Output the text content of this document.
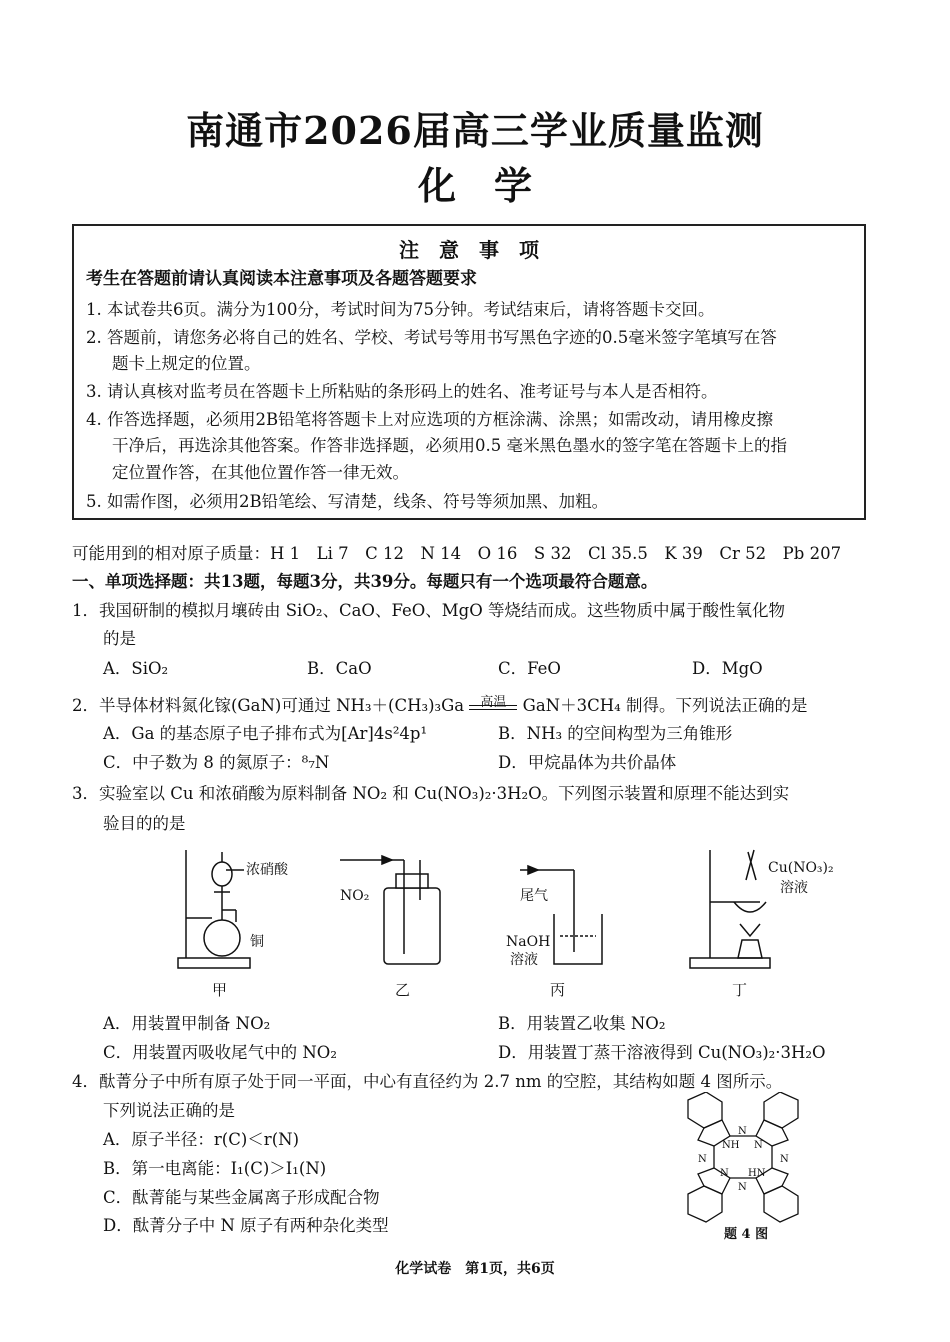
南通市2026届高三学业质量监测
化　学
注　意　事　项
考生在答题前请认真阅读本注意事项及各题答题要求
1. 本试卷共6页。满分为100分，考试时间为75分钟。考试结束后，请将答题卡交回。
2. 答题前，请您务必将自己的姓名、学校、考试号等用书写黑色字迹的0.5毫米签字笔填写在答
题卡上规定的位置。
3. 请认真核对监考员在答题卡上所粘贴的条形码上的姓名、准考证号与本人是否相符。
4. 作答选择题，必须用2B铅笔将答题卡上对应选项的方框涂满、涂黑；如需改动，请用橡皮擦
干净后，再选涂其他答案。作答非选择题，必须用0.5 毫米黑色墨水的签字笔在答题卡上的指
定位置作答，在其他位置作答一律无效。
5. 如需作图，必须用2B铅笔绘、写清楚，线条、符号等须加黑、加粗。
可能用到的相对原子质量：H 1　Li 7　C 12　N 14　O 16　S 32　Cl 35.5　K 39　Cr 52　Pb 207
一、单项选择题：共13题，每题3分，共39分。每题只有一个选项最符合题意。
1．我国研制的模拟月壤砖由 SiO₂、CaO、FeO、MgO 等烧结而成。这些物质中属于酸性氧化物
的是
A．SiO₂	B．CaO	C．FeO	D．MgO
2．半导体材料氮化镓(GaN)可通过 NH₃＋(CH₃)₃Ga	高温 GaN＋3CH₄ 制得。下列说法正确的是
A．Ga 的基态原子电子排布式为[Ar]4s²4p¹	B．NH₃ 的空间构型为三角锥形
C．中子数为 8 的氮原子：⁸₇N	D．甲烷晶体为共价晶体
3．实验室以 Cu 和浓硝酸为原料制备 NO₂ 和 Cu(NO₃)₂·3H₂O。下列图示装置和原理不能达到实
验目的的是
浓硝酸
铜
NO₂	尾气
NaOH
溶液
Cu(NO₃)₂
溶液
甲	乙	丙	丁
A．用装置甲制备 NO₂	B．用装置乙收集 NO₂
C．用装置丙吸收尾气中的 NO₂	D．用装置丁蒸干溶液得到 Cu(NO₃)₂·3H₂O
4．酞菁分子中所有原子处于同一平面，中心有直径约为 2.7 nm 的空腔，其结构如题 4 图所示。
下列说法正确的是
A．原子半径：r(C)＜r(N)
B．第一电离能：I₁(C)＞I₁(N)
C．酞菁能与某些金属离子形成配合物
D．酞菁分子中 N 原子有两种杂化类型
N
NH N
N	N
N HN
N
题 4 图
化学试卷　第1页，共6页
